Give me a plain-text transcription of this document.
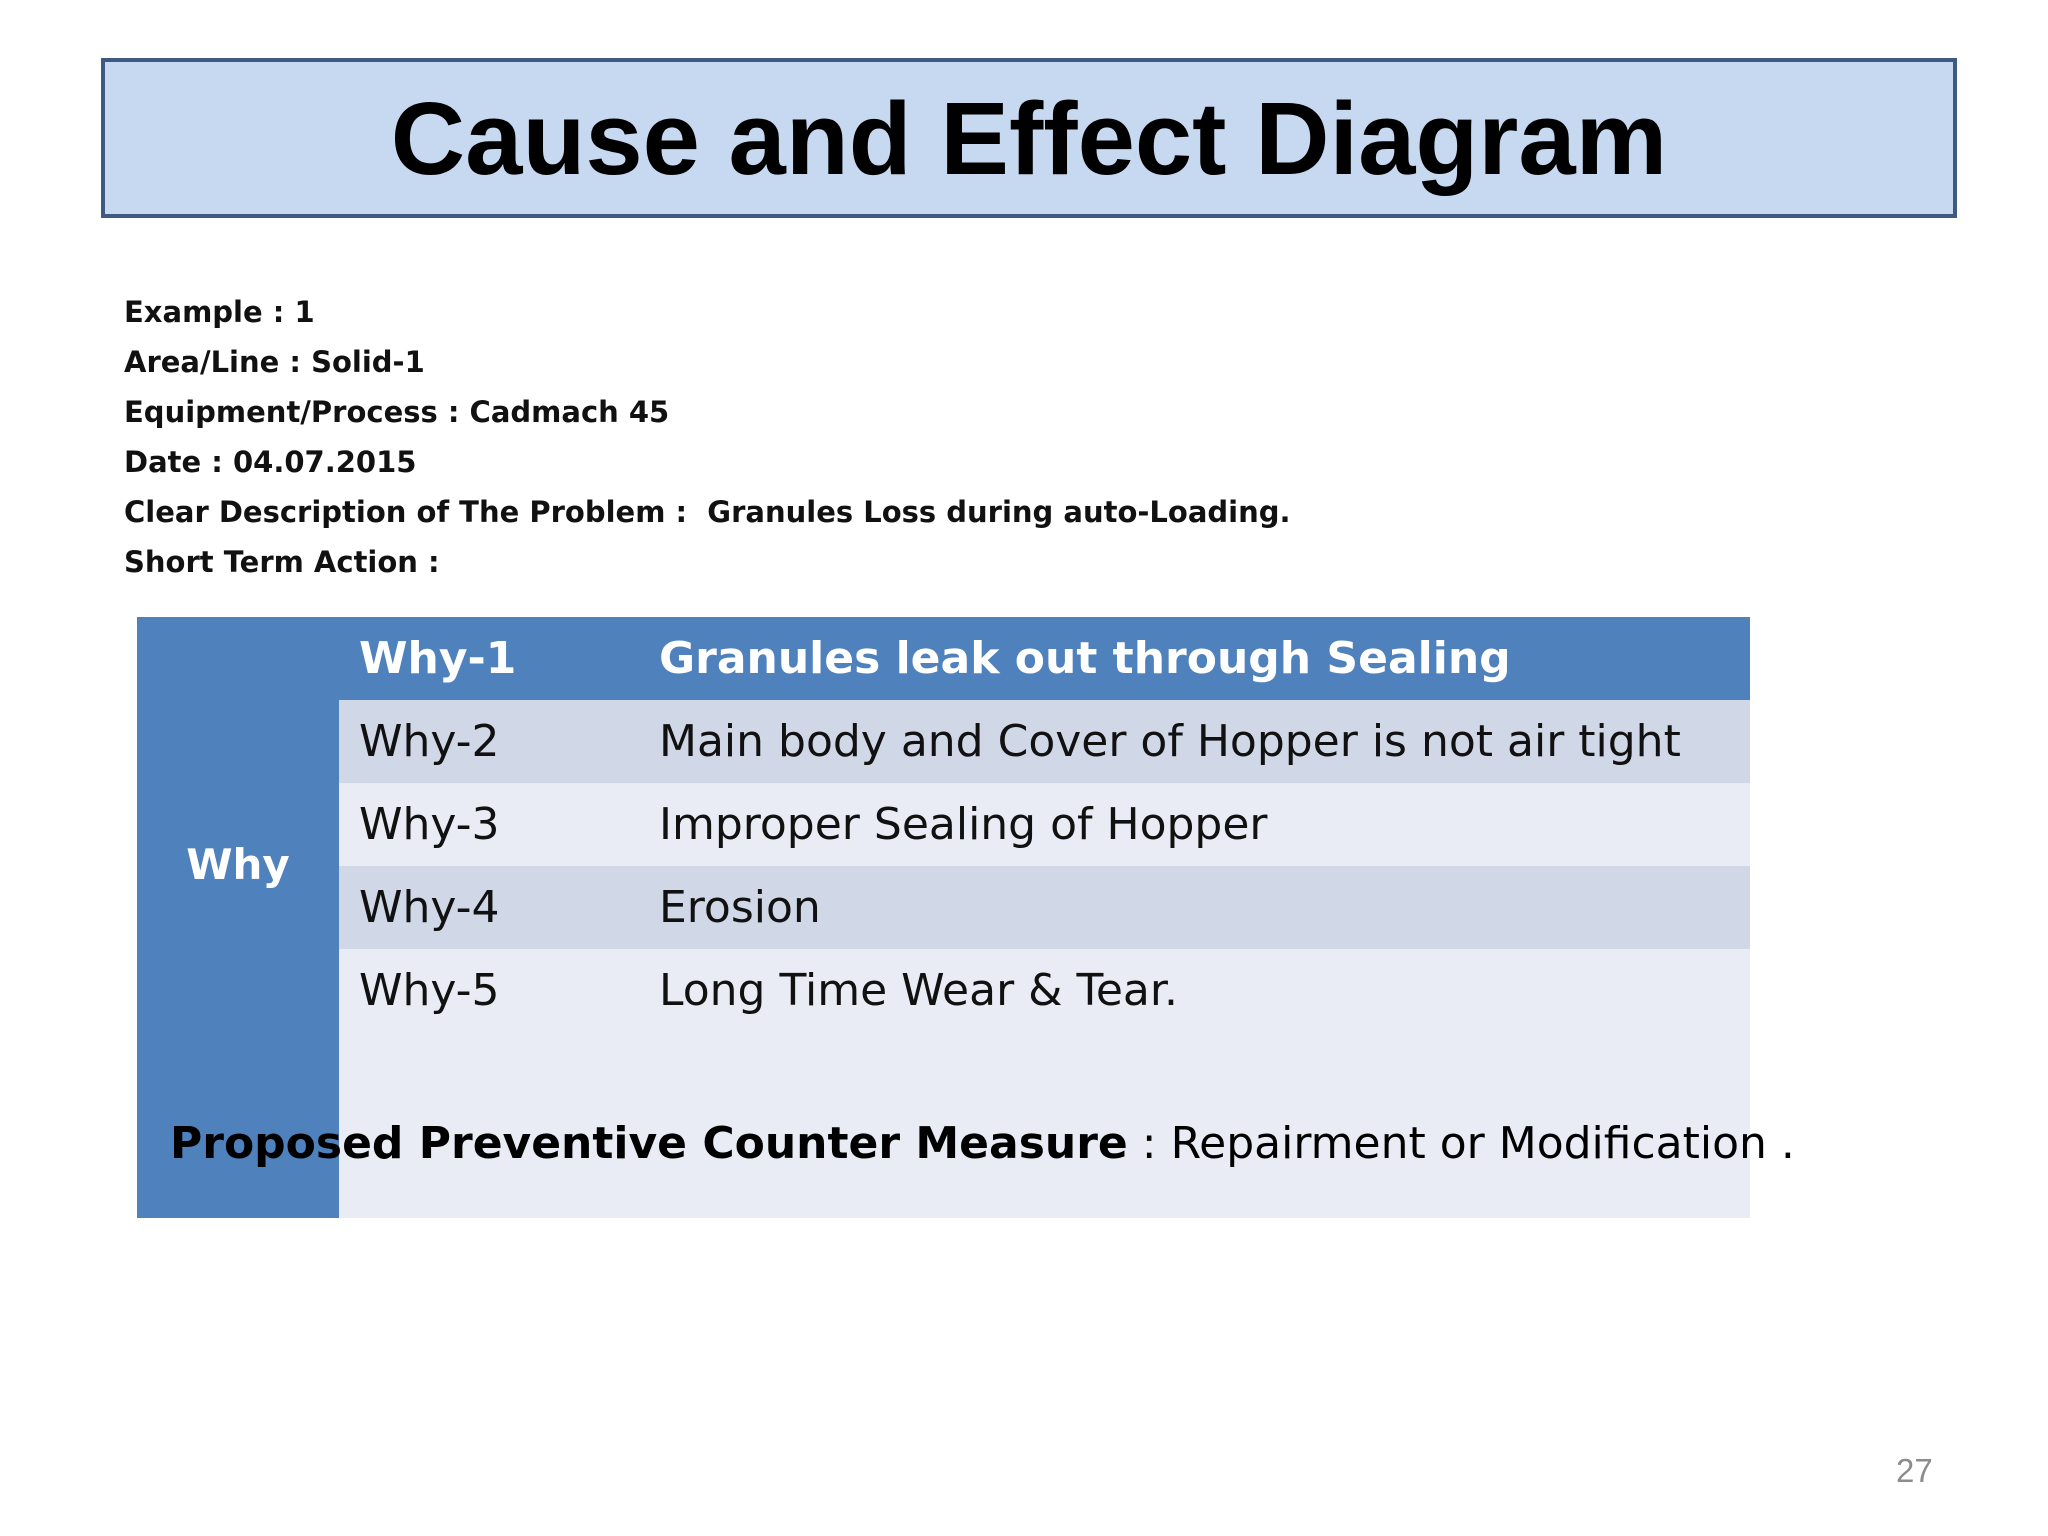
Cause and Effect Diagram
Example : 1
Area/Line : Solid-1
Equipment/Process : Cadmach 45
Date : 04.07.2015
Clear Description of The Problem :  Granules Loss during auto-Loading.
Short Term Action :
Why
Why-1	Granules leak out through Sealing
Why-2	Main body and Cover of Hopper is not air tight
Why-3	Improper Sealing of Hopper
Why-4	Erosion
Why-5	Long Time Wear & Tear.
Proposed Preventive Counter Measure : Repairment or Modification .
27
